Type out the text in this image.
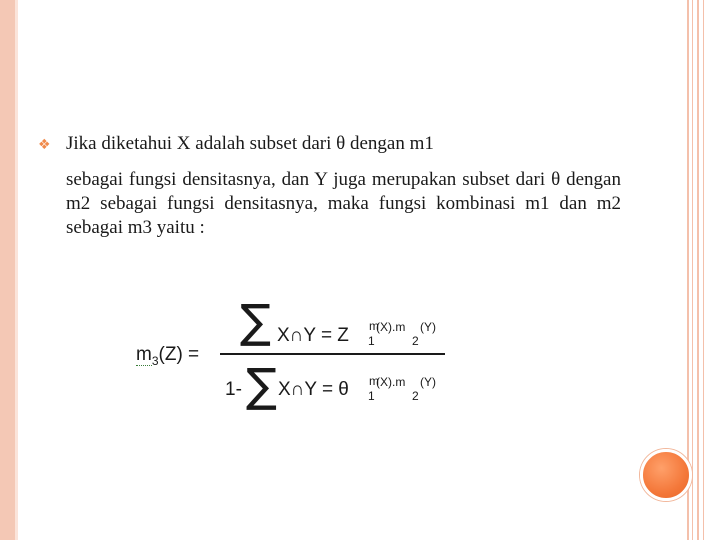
❖ Jika diketahui X adalah subset dari θ dengan m1
sebagai fungsi densitasnya, dan Y juga merupakan subset dari θ dengan m2 sebagai fungsi densitasnya, maka fungsi kombinasi m1 dan m2 sebagai m3 yaitu :
$m_3(Z)$ =
∑ X∩Y = Z m
1
(X).m
2
(Y)
1- ∑ X∩Y = θ m
1
(X).m
2
(Y)
